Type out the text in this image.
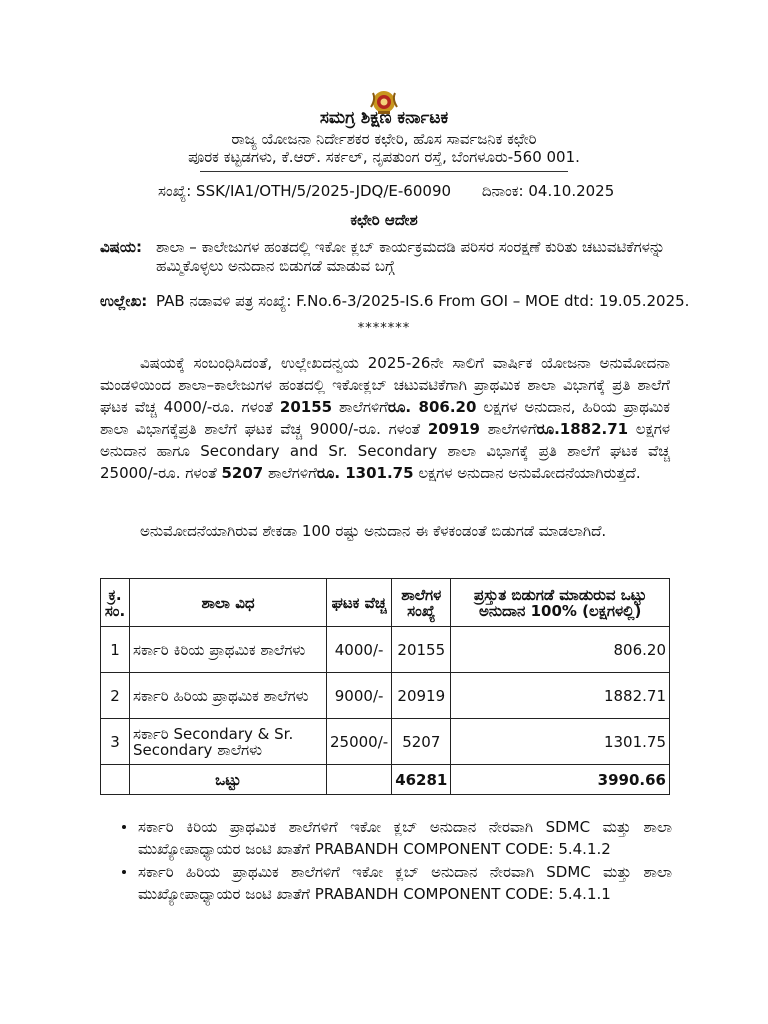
ಸಮಗ್ರ ಶಿಕ್ಷಣ ಕರ್ನಾಟಕ
ರಾಜ್ಯ ಯೋಜನಾ ನಿರ್ದೇಶಕರ ಕಛೇರಿ, ಹೊಸ ಸಾರ್ವಜನಿಕ ಕಛೇರಿ
ಪೂರಕ ಕಟ್ಟಡಗಳು, ಕೆ.ಆರ್. ಸರ್ಕಲ್, ನೃಪತುಂಗ ರಸ್ತೆ, ಬೆಂಗಳೂರು-560 001.
ಸಂಖ್ಯೆ: SSK/IA1/OTH/5/2025-JDQ/E-60090 ದಿನಾಂಕ: 04.10.2025
ಕಛೇರಿ ಆದೇಶ
ವಿಷಯ: ಶಾಲಾ – ಕಾಲೇಜುಗಳ ಹಂತದಲ್ಲಿ ಇಕೋ ಕ್ಲಬ್ ಕಾರ್ಯಕ್ರಮದಡಿ ಪರಿಸರ ಸಂರಕ್ಷಣೆ ಕುರಿತು ಚಟುವಟಿಕೆಗಳನ್ನು ಹಮ್ಮಿಕೊಳ್ಳಲು ಅನುದಾನ ಬಿಡುಗಡೆ ಮಾಡುವ ಬಗ್ಗೆ
ಉಲ್ಲೇಖ: PAB ನಡಾವಳಿ ಪತ್ರ ಸಂಖ್ಯೆ: F.No.6-3/2025-IS.6 From GOI – MOE dtd: 19.05.2025.
*******
ವಿಷಯಕ್ಕೆ ಸಂಬಂಧಿಸಿದಂತೆ, ಉಲ್ಲೇಖದನ್ವಯ 2025-26ನೇ ಸಾಲಿಗೆ ವಾರ್ಷಿಕ ಯೋಜನಾ ಅನುಮೋದನಾ ಮಂಡಳಿಯಿಂದ ಶಾಲಾ–ಕಾಲೇಜುಗಳ ಹಂತದಲ್ಲಿ ಇಕೋಕ್ಲಬ್ ಚಟುವಟಿಕೆಗಾಗಿ ಪ್ರಾಥಮಿಕ ಶಾಲಾ ವಿಭಾಗಕ್ಕೆ ಪ್ರತಿ ಶಾಲೆಗೆ ಘಟಕ ವೆಚ್ಚ 4000/-ರೂ. ಗಳಂತೆ 20155 ಶಾಲೆಗಳಿಗೆರೂ. 806.20 ಲಕ್ಷಗಳ ಅನುದಾನ, ಹಿರಿಯ ಪ್ರಾಥಮಿಕ ಶಾಲಾ ವಿಭಾಗಕ್ಕೆಪ್ರತಿ ಶಾಲೆಗೆ ಘಟಕ ವೆಚ್ಚ 9000/-ರೂ. ಗಳಂತೆ 20919 ಶಾಲೆಗಳಿಗೆರೂ.1882.71 ಲಕ್ಷಗಳ ಅನುದಾನ ಹಾಗೂ Secondary and Sr. Secondary ಶಾಲಾ ವಿಭಾಗಕ್ಕೆ ಪ್ರತಿ ಶಾಲೆಗೆ ಘಟಕ ವೆಚ್ಚ 25000/-ರೂ. ಗಳಂತೆ 5207 ಶಾಲೆಗಳಿಗೆರೂ. 1301.75 ಲಕ್ಷಗಳ ಅನುದಾನ ಅನುಮೋದನೆಯಾಗಿರುತ್ತದೆ.
ಅನುಮೋದನೆಯಾಗಿರುವ ಶೇಕಡಾ 100 ರಷ್ಟು ಅನುದಾನ ಈ ಕೆಳಕಂಡಂತೆ ಬಿಡುಗಡೆ ಮಾಡಲಾಗಿದೆ.
ಕ್ರ. ಸಂ.	ಶಾಲಾ ವಿಧ	ಘಟಕ ವೆಚ್ಚ	ಶಾಲೆಗಳ ಸಂಖ್ಯೆ	ಪ್ರಸ್ತುತ ಬಿಡುಗಡೆ ಮಾಡುರುವ ಒಟ್ಟು ಅನುದಾನ 100% (ಲಕ್ಷಗಳಲ್ಲಿ)
1	ಸರ್ಕಾರಿ ಕಿರಿಯ ಪ್ರಾಥಮಿಕ ಶಾಲೆಗಳು	4000/-	20155	806.20
2	ಸರ್ಕಾರಿ ಹಿರಿಯ ಪ್ರಾಥಮಿಕ ಶಾಲೆಗಳು	9000/-	20919	1882.71
3	ಸರ್ಕಾರಿ Secondary & Sr. Secondary ಶಾಲೆಗಳು	25000/-	5207	1301.75
	ಒಟ್ಟು		46281	3990.66
ಸರ್ಕಾರಿ ಕಿರಿಯ ಪ್ರಾಥಮಿಕ ಶಾಲೆಗಳಿಗೆ ಇಕೋ ಕ್ಲಬ್ ಅನುದಾನ ನೇರವಾಗಿ SDMC ಮತ್ತು ಶಾಲಾ ಮುಖ್ಯೋಪಾಧ್ಯಾಯರ ಜಂಟಿ ಖಾತೆಗೆ PRABANDH COMPONENT CODE: 5.4.1.2
ಸರ್ಕಾರಿ ಹಿರಿಯ ಪ್ರಾಥಮಿಕ ಶಾಲೆಗಳಿಗೆ ಇಕೋ ಕ್ಲಬ್ ಅನುದಾನ ನೇರವಾಗಿ SDMC ಮತ್ತು ಶಾಲಾ ಮುಖ್ಯೋಪಾಧ್ಯಾಯರ ಜಂಟಿ ಖಾತೆಗೆ PRABANDH COMPONENT CODE: 5.4.1.1
